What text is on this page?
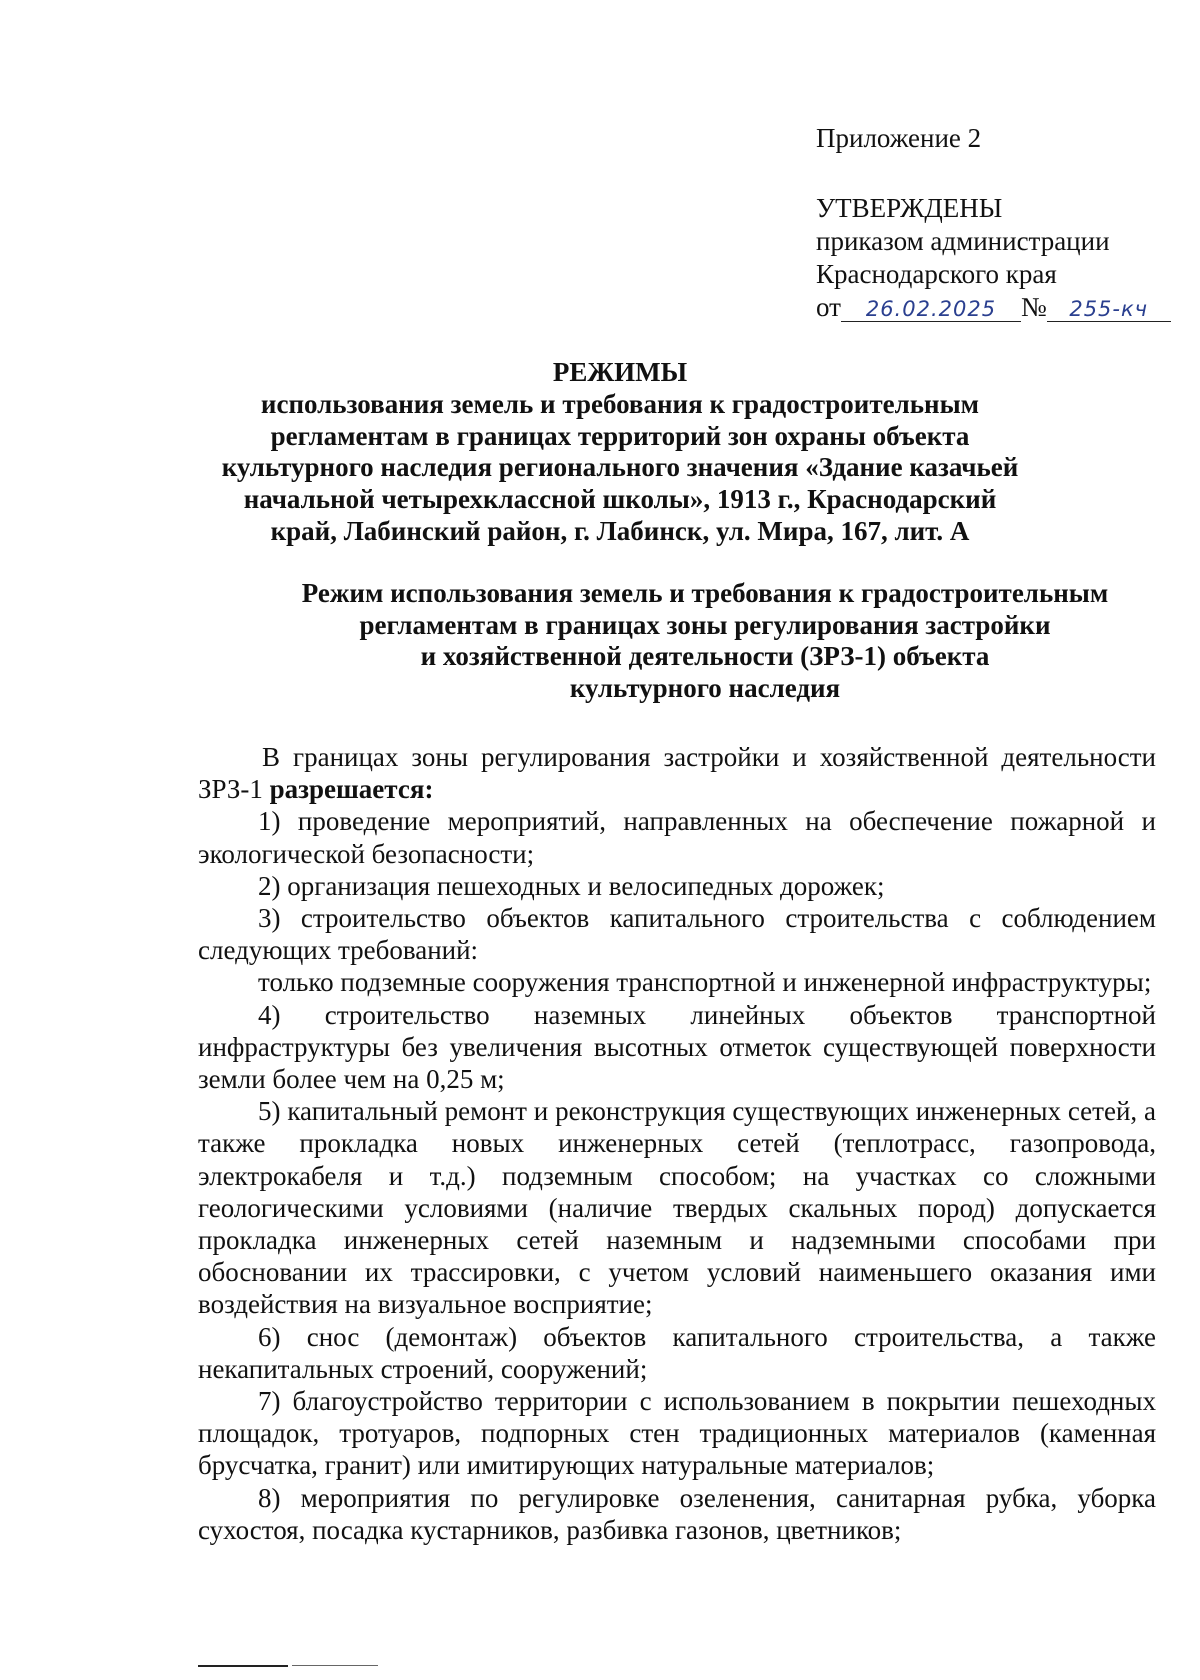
Приложение 2
УТВЕРЖДЕНЫ
приказом администрации
Краснодарского края
от	26.02.2025 №	255-кч
РЕЖИМЫ
использования земель и требования к градостроительным
регламентам в границах территорий зон охраны объекта
культурного наследия регионального значения «Здание казачьей
начальной четырехклассной школы», 1913 г., Краснодарский
край, Лабинский район, г. Лабинск, ул. Мира, 167, лит. А
Режим использования земель и требования к градостроительным
регламентам в границах зоны регулирования застройки
и хозяйственной деятельности (ЗРЗ-1) объекта
культурного наследия

В границах зоны регулирования застройки и хозяйственной деятельности ЗРЗ-1 разрешается:

1) проведение мероприятий, направленных на обеспечение пожарной и экологической безопасности;

2) организация пешеходных и велосипедных дорожек;

3) строительство объектов капитального строительства с соблюдением следующих требований:

только подземные сооружения транспортной и инженерной инфраструктуры;

4) строительство наземных линейных объектов транспортной инфраструктуры без увеличения высотных отметок существующей поверхности земли более чем на 0,25 м;

5) капитальный ремонт и реконструкция существующих инженерных сетей, а также прокладка новых инженерных сетей (теплотрасс, газопровода, электрокабеля и т.д.) подземным способом; на участках со сложными геологическими условиями (наличие твердых скальных пород) допускается прокладка инженерных сетей наземным и надземными способами при обосновании их трассировки, с учетом условий наименьшего оказания ими воздействия на визуальное восприятие;

6) снос (демонтаж) объектов капитального строительства, а также некапитальных строений, сооружений;

7) благоустройство территории с использованием в покрытии пешеходных площадок, тротуаров, подпорных стен традиционных материалов (каменная брусчатка, гранит) или имитирующих натуральные материалов;

8) мероприятия по регулировке озеленения, санитарная рубка, уборка сухостоя, посадка кустарников, разбивка газонов, цветников;
